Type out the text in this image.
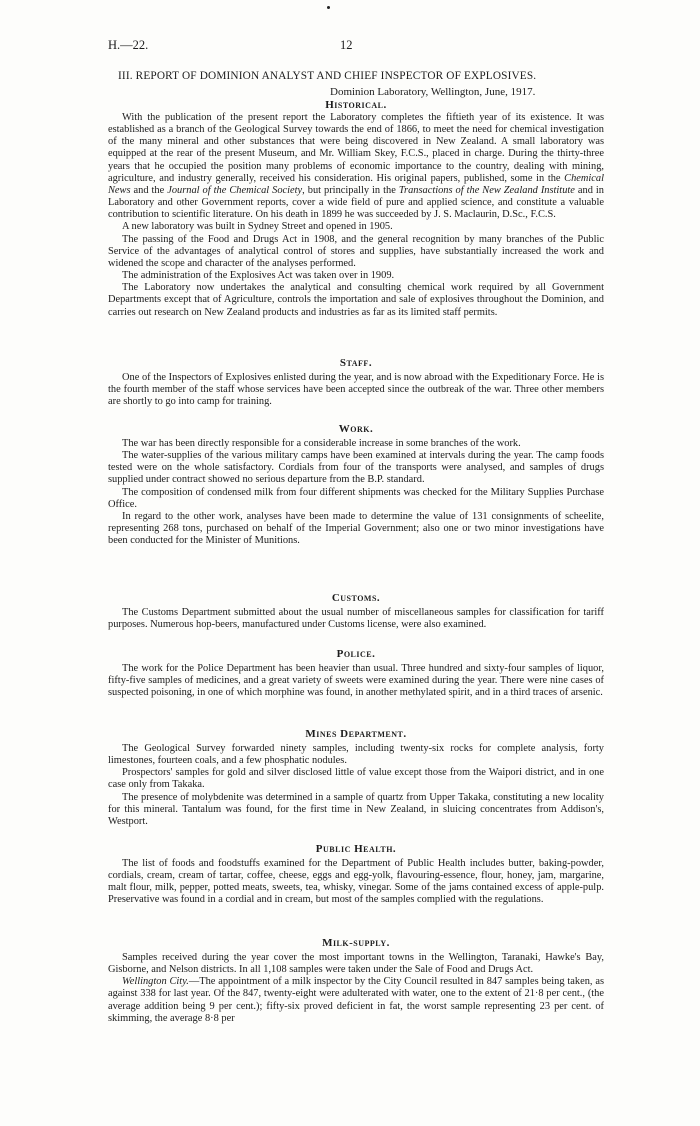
H.—22.	12
III. REPORT OF DOMINION ANALYST AND CHIEF INSPECTOR OF EXPLOSIVES.
Dominion Laboratory, Wellington, June, 1917.
Historical.

With the publication of the present report the Laboratory completes the fiftieth year of its existence. It was established as a branch of the Geological Survey towards the end of 1866, to meet the need for chemical investigation of the many mineral and other substances that were being discovered in New Zealand. A small laboratory was equipped at the rear of the present Museum, and Mr. William Skey, F.C.S., placed in charge. During the thirty-three years that he occupied the position many problems of economic importance to the country, dealing with mining, agriculture, and industry generally, received his consideration. His original papers, published, some in the Chemical News and the Journal of the Chemical Society, but principally in the Transactions of the New Zealand Institute and in Laboratory and other Government reports, cover a wide field of pure and applied science, and constitute a valuable contribution to scientific literature. On his death in 1899 he was succeeded by J. S. Maclaurin, D.Sc., F.C.S.

A new laboratory was built in Sydney Street and opened in 1905.

The passing of the Food and Drugs Act in 1908, and the general recognition by many branches of the Public Service of the advantages of analytical control of stores and supplies, have substantially increased the work and widened the scope and character of the analyses performed.

The administration of the Explosives Act was taken over in 1909.

The Laboratory now undertakes the analytical and consulting chemical work required by all Government Departments except that of Agriculture, controls the importation and sale of explosives throughout the Dominion, and carries out research on New Zealand products and industries as far as its limited staff permits.

Staff.

One of the Inspectors of Explosives enlisted during the year, and is now abroad with the Expeditionary Force. He is the fourth member of the staff whose services have been accepted since the outbreak of the war. Three other members are shortly to go into camp for training.

Work.

The war has been directly responsible for a considerable increase in some branches of the work.

The water-supplies of the various military camps have been examined at intervals during the year. The camp foods tested were on the whole satisfactory. Cordials from four of the transports were analysed, and samples of drugs supplied under contract showed no serious departure from the B.P. standard.

The composition of condensed milk from four different shipments was checked for the Military Supplies Purchase Office.

In regard to the other work, analyses have been made to determine the value of 131 consignments of scheelite, representing 268 tons, purchased on behalf of the Imperial Government; also one or two minor investigations have been conducted for the Minister of Munitions.

Customs.

The Customs Department submitted about the usual number of miscellaneous samples for classification for tariff purposes. Numerous hop-beers, manufactured under Customs license, were also examined.

Police.

The work for the Police Department has been heavier than usual. Three hundred and sixty-four samples of liquor, fifty-five samples of medicines, and a great variety of sweets were examined during the year. There were nine cases of suspected poisoning, in one of which morphine was found, in another methylated spirit, and in a third traces of arsenic.

Mines Department.

The Geological Survey forwarded ninety samples, including twenty-six rocks for complete analysis, forty limestones, fourteen coals, and a few phosphatic nodules.

Prospectors' samples for gold and silver disclosed little of value except those from the Waipori district, and in one case only from Takaka.

The presence of molybdenite was determined in a sample of quartz from Upper Takaka, constituting a new locality for this mineral. Tantalum was found, for the first time in New Zealand, in sluicing concentrates from Addison's, Westport.

Public Health.

The list of foods and foodstuffs examined for the Department of Public Health includes butter, baking-powder, cordials, cream, cream of tartar, coffee, cheese, eggs and egg-yolk, flavouring-essence, flour, honey, jam, margarine, malt flour, milk, pepper, potted meats, sweets, tea, whisky, vinegar. Some of the jams contained excess of apple-pulp. Preservative was found in a cordial and in cream, but most of the samples complied with the regulations.

Milk-supply.

Samples received during the year cover the most important towns in the Wellington, Taranaki, Hawke's Bay, Gisborne, and Nelson districts. In all 1,108 samples were taken under the Sale of Food and Drugs Act.

Wellington City.—The appointment of a milk inspector by the City Council resulted in 847 samples being taken, as against 338 for last year. Of the 847, twenty-eight were adulterated with water, one to the extent of 21·8 per cent., (the average addition being 9 per cent.); fifty-six proved deficient in fat, the worst sample representing 23 per cent. of skimming, the average 8·8 per
